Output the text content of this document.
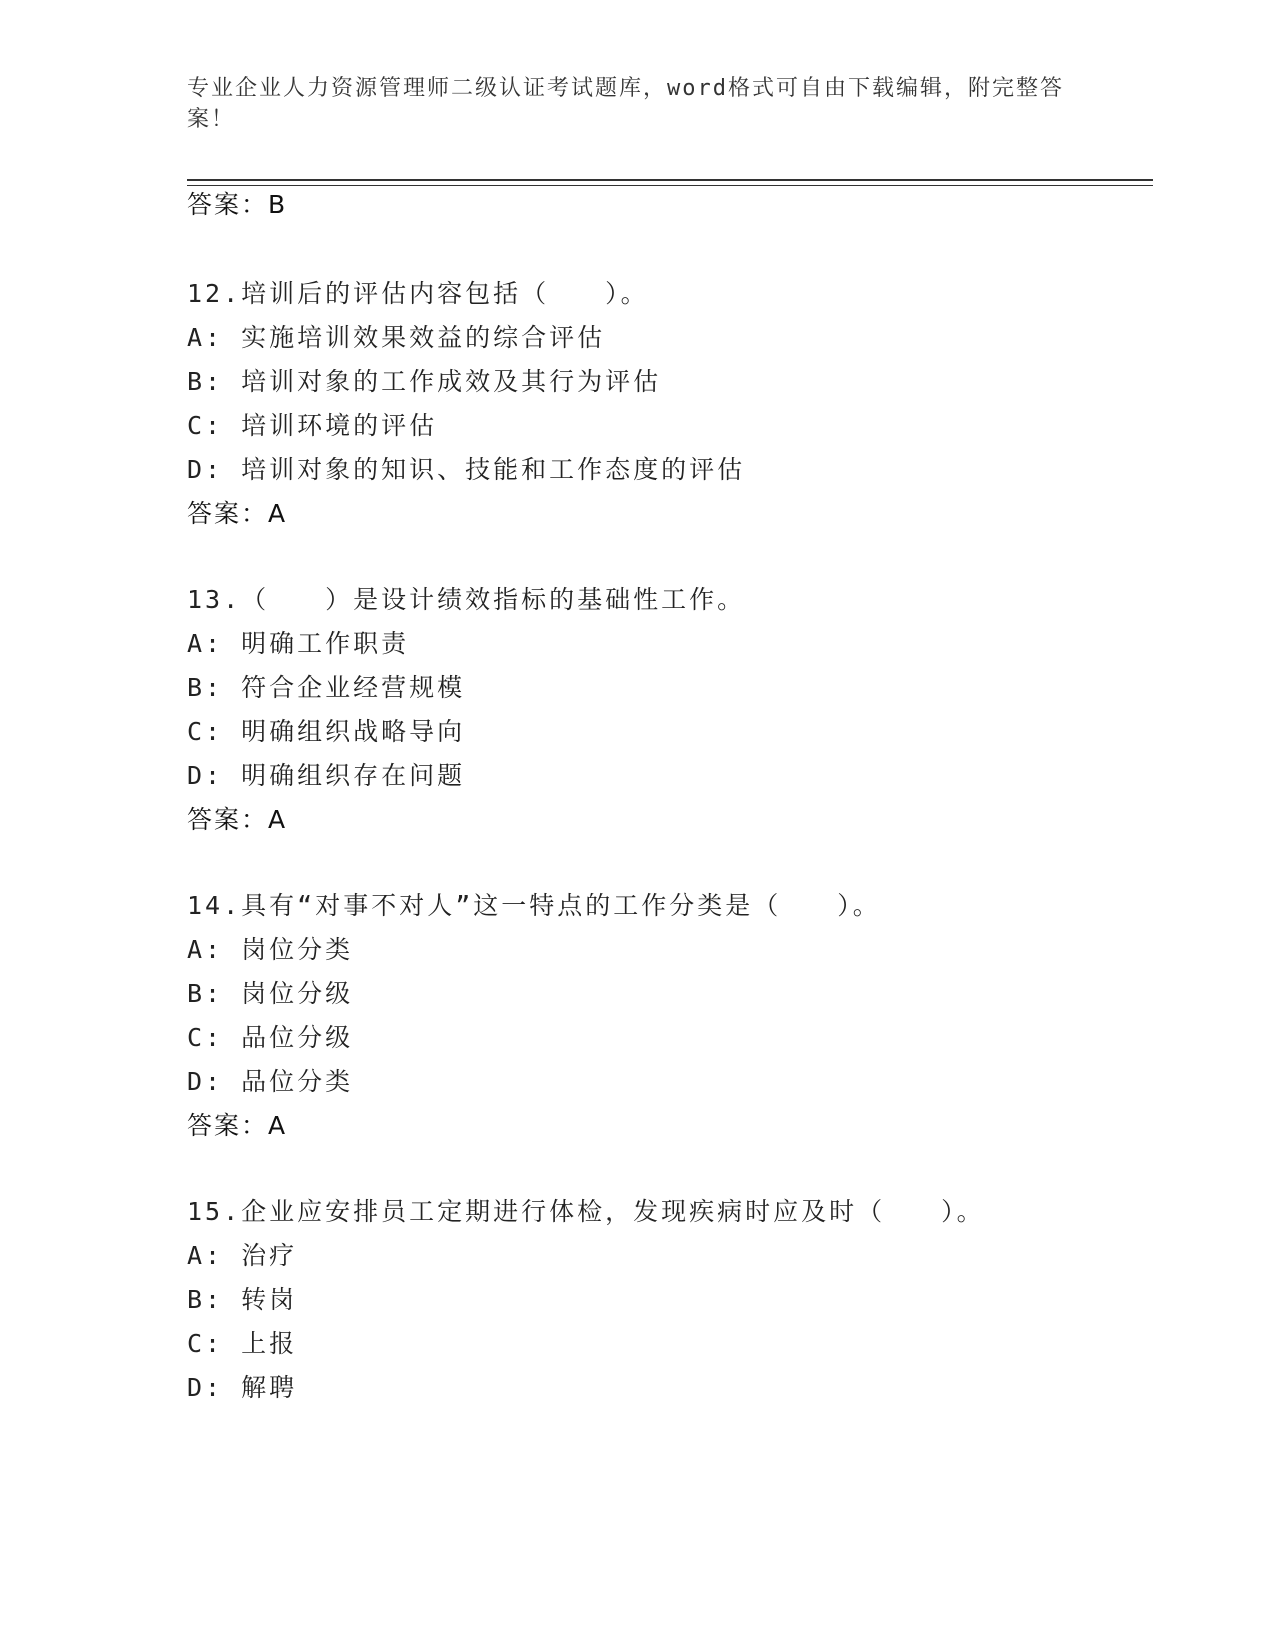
专业企业人力资源管理师二级认证考试题库，word格式可自由下载编辑，附完整答案！
答案：B
12.培训后的评估内容包括（　　）。
A: 实施培训效果效益的综合评估
B: 培训对象的工作成效及其行为评估
C: 培训环境的评估
D: 培训对象的知识、技能和工作态度的评估
答案：A
13.（　　）是设计绩效指标的基础性工作。
A: 明确工作职责
B: 符合企业经营规模
C: 明确组织战略导向
D: 明确组织存在问题
答案：A
14.具有“对事不对人”这一特点的工作分类是（　　）。
A: 岗位分类
B: 岗位分级
C: 品位分级
D: 品位分类
答案：A
15.企业应安排员工定期进行体检，发现疾病时应及时（　　）。
A: 治疗
B: 转岗
C: 上报
D: 解聘
